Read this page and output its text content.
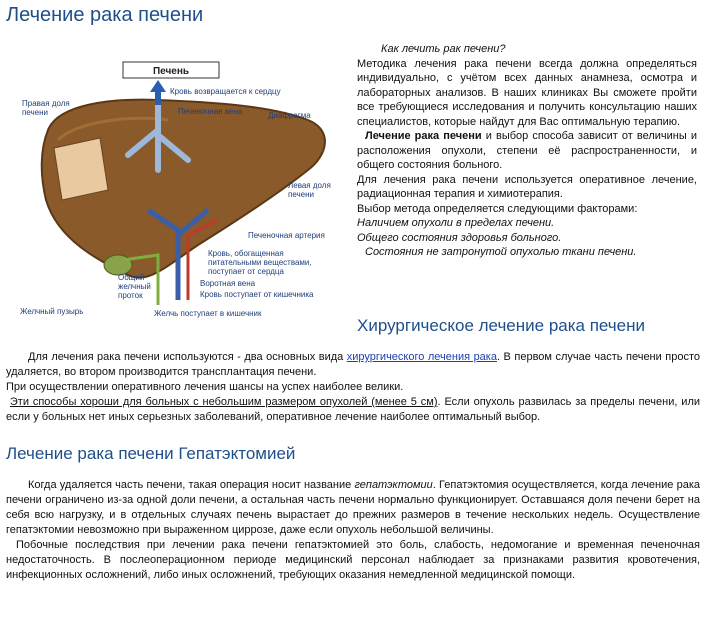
Лечение рака печени
Печень
Кровь возвращается к сердцу
Печеночная вена	Диафрагма
Правая доля печени
Левая доля печени
Печеночная артерия
Кровь, обогащенная питательными веществами, поступает от сердца
Воротная вена
Кровь поступает от кишечника
Общий желчный проток
Желчный пузырь	Желчь поступает в кишечник

Как лечить рак печени?

Методика лечения рака печени всегда должна определяться индивидуально, с учётом всех данных анамнеза, осмотра и лабораторных анализов. В наших клиниках Вы сможете пройти все требующиеся исследования и получить консультацию наших специалистов, которые найдут для Вас оптимальную терапию.

Лечение рака печени и выбор способа зависит от величины и расположения опухоли, степени её распространенности, и общего состояния больного.

Для лечения рака печени используется оперативное лечение, радиационная терапия и химиотерапия.

Выбор метода определяется следующими факторами:

Наличием опухоли в пределах печени.

Общего состояния здоровья больного.

Состояния не затронутой опухолью ткани печени.

Хирургическое лечение рака печени

Для лечения рака печени используются - два основных вида хирургического лечения рака. В первом случае часть печени просто удаляется, во втором производится трансплантация печени.

При осуществлении оперативного лечения шансы на успех наиболее велики.

Эти способы хороши для больных с небольшим размером опухолей (менее 5 см). Если опухоль развилась за пределы печени, или если у больных нет иных серьезных заболеваний, оперативное лечение наиболее оптимальный выбор.

Лечение рака печени Гепатэктомией

Когда удаляется часть печени, такая операция носит название гепатэктомии. Гепатэктомия осуществляется, когда лечение рака печени ограничено из-за одной доли печени, а остальная часть печени нормально функционирует. Оставшаяся доля печени берет на себя всю нагрузку, и в отдельных случаях печень вырастает до прежних размеров в течение нескольких недель. Осуществление гепатэктомии невозможно при выраженном циррозе, даже если опухоль небольшой величины.

Побочные последствия при лечении рака печени гепатэктомией это боль, слабость, недомогание и временная печеночная недостаточность. В послеоперационном периоде медицинский персонал наблюдает за признаками развития кровотечения, инфекционных осложнений, либо иных осложнений, требующих оказания немедленной медицинской помощи.
